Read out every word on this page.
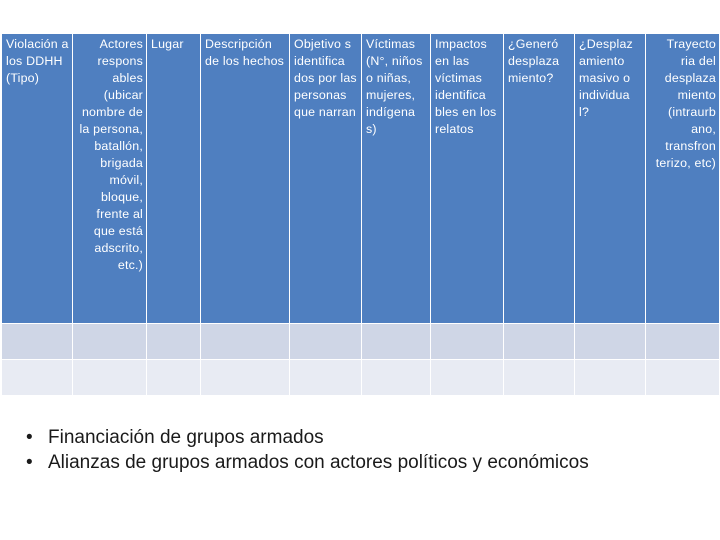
Violación a los DDHH (Tipo)	Actores respons ables (ubicar nombre de la persona, batallón, brigada móvil, bloque, frente al que está adscrito, etc.)	Lugar	Descripción de los hechos	Objetivo s identifica dos por las personas que narran	Víctimas (N°, niños o niñas, mujeres, indígena s)	Impactos en las víctimas identifica bles en los relatos	¿Generó desplaza miento?	¿Desplaz amiento masivo o individua l?	Trayecto ria del desplaza miento (intraurb ano, transfron terizo, etc)

• Financiación de grupos armados
• Alianzas de grupos armados con actores políticos y económicos
